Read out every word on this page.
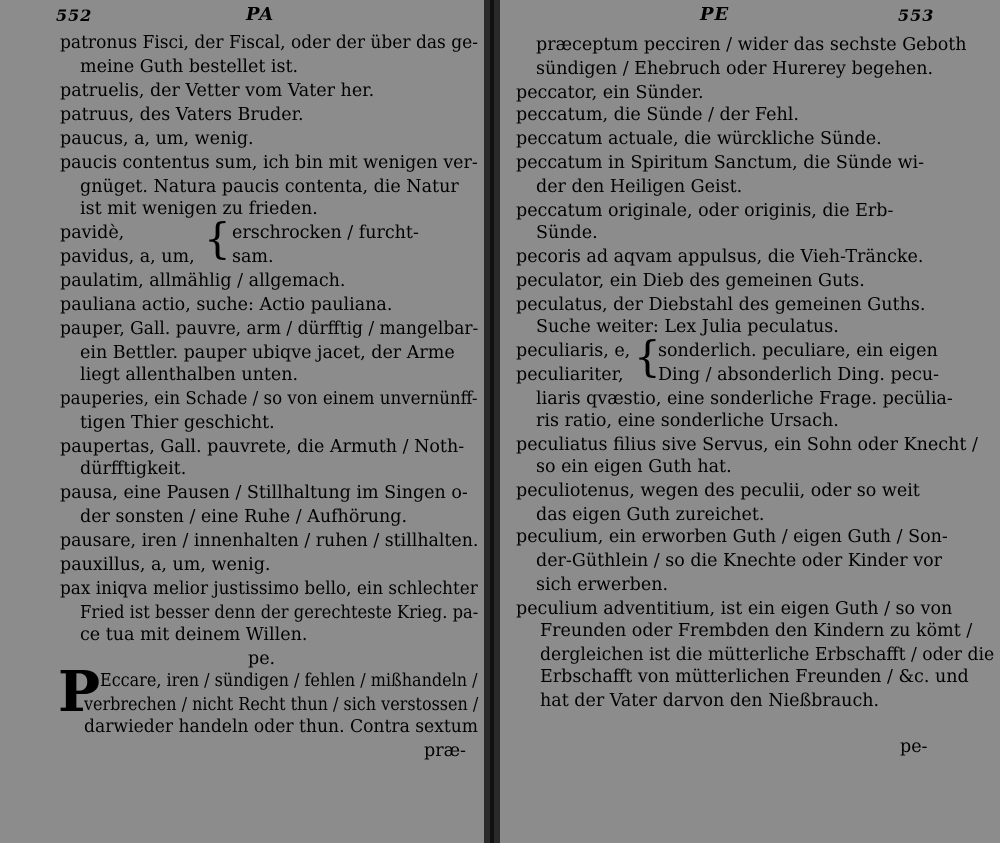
552	PA	PE	553
patronus Fisci, der Fiscal, oder der über das ge-
meine Guth bestellet ist.
patruelis, der Vetter vom Vater her.
patruus, des Vaters Bruder.
paucus, a, um, wenig.
paucis contentus sum, ich bin mit wenigen ver-
gnüget. Natura paucis contenta, die Natur
ist mit wenigen zu frieden.
pavidè,	erschrocken / furcht-
pavidus, a, um, sam.
paulatim, allmählig / allgemach.
pauliana actio, suche: Actio pauliana.
pauper, Gall. pauvre, arm / dürfftig / mangelbar-
ein Bettler. pauper ubiqve jacet, der Arme
liegt allenthalben unten.
pauperies, ein Schade / so von einem unvernünff-
tigen Thier geschicht.
paupertas, Gall. pauvrete, die Armuth / Noth-
dürfftigkeit.
pausa, eine Pausen / Stillhaltung im Singen o-
der sonsten / eine Ruhe / Aufhörung.
pausare, iren / innenhalten / ruhen / stillhalten.
pauxillus, a, um, wenig.
pax iniqva melior justissimo bello, ein schlechter
Fried ist besser denn der gerechteste Krieg. pa-
ce tua mit deinem Willen.
pe.
Eccare, iren / sündigen / fehlen / mißhandeln /
verbrechen / nicht Recht thun / sich verstossen /
darwieder handeln oder thun. Contra sextum
præ-
præceptum pecciren / wider das sechste Geboth
sündigen / Ehebruch oder Hurerey begehen.
peccator, ein Sünder.
peccatum, die Sünde / der Fehl.
peccatum actuale, die würckliche Sünde.
peccatum in Spiritum Sanctum, die Sünde wi-
der den Heiligen Geist.
peccatum originale, oder originis, die Erb-
Sünde.
pecoris ad aqvam appulsus, die Vieh-Träncke.
peculator, ein Dieb des gemeinen Guts.
peculatus, der Diebstahl des gemeinen Guths.
Suche weiter: Lex Julia peculatus.
peculiaris, e, sonderlich. peculiare, ein eigen
peculiariter, Ding / absonderlich Ding. pecu-
liaris qvæstio, eine sonderliche Frage. pecülia-
ris ratio, eine sonderliche Ursach.
peculiatus filius sive Servus, ein Sohn oder Knecht /
so ein eigen Guth hat.
peculiotenus, wegen des peculii, oder so weit
das eigen Guth zureichet.
peculium, ein erworben Guth / eigen Guth / Son-
der-Güthlein / so die Knechte oder Kinder vor
sich erwerben.
peculium adventitium, ist ein eigen Guth / so von
Freunden oder Frembden den Kindern zu kömt /
dergleichen ist die mütterliche Erbschafft / oder die
Erbschafft von mütterlichen Freunden / &c. und
hat der Vater darvon den Nießbrauch.
pe-
{
{
P
